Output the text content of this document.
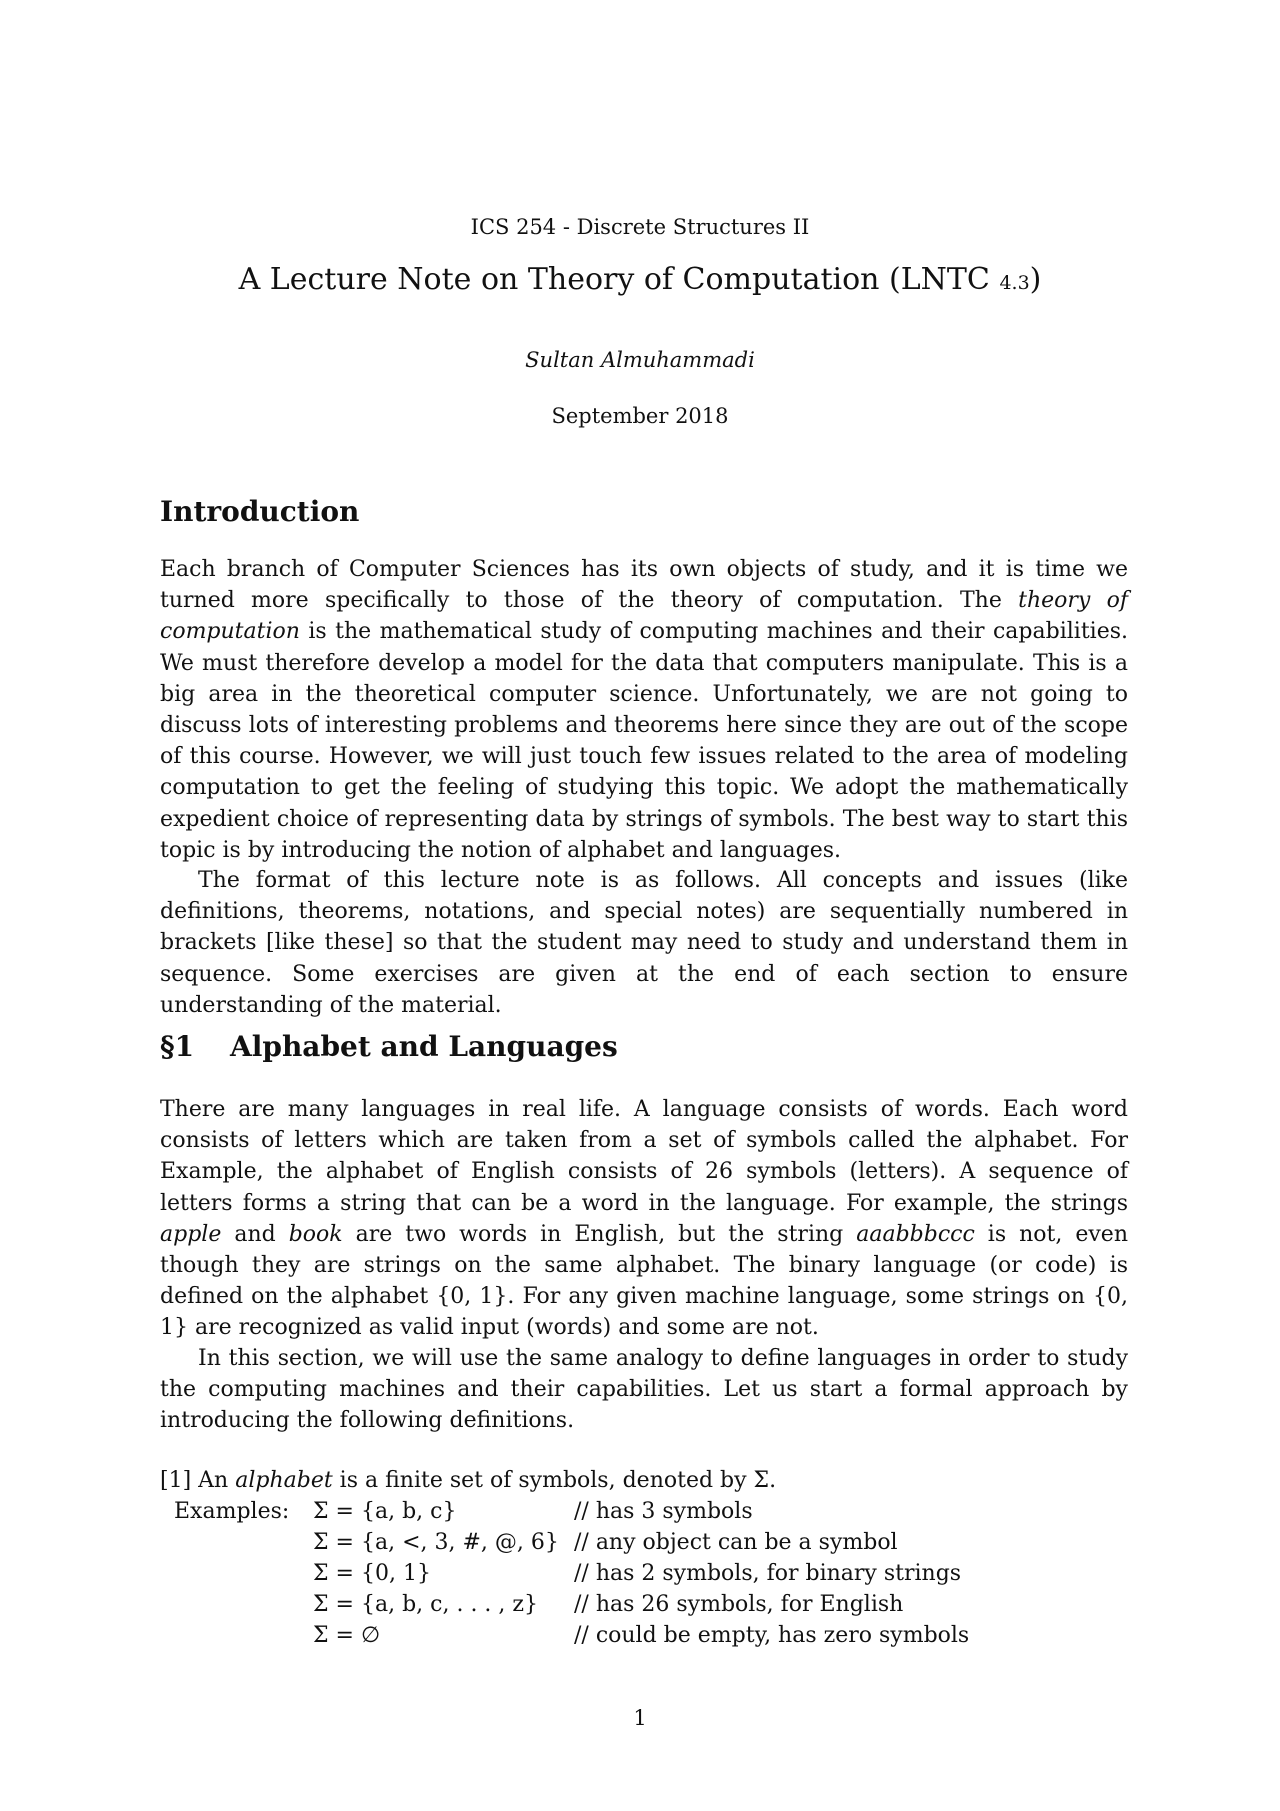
ICS 254 - Discrete Structures II
A Lecture Note on Theory of Computation (LNTC 4.3)
Sultan Almuhammadi
September 2018
Introduction

Each branch of Computer Sciences has its own objects of study, and it is time we turned more specifically to those of the theory of computation. The theory of computation is the mathematical study of computing machines and their capabilities. We must therefore develop a model for the data that computers manipulate. This is a big area in the theoretical computer science. Unfortunately, we are not going to discuss lots of interesting problems and theorems here since they are out of the scope of this course. However, we will just touch few issues related to the area of modeling computation to get the feeling of studying this topic. We adopt the mathematically expedient choice of representing data by strings of symbols. The best way to start this topic is by introducing the notion of alphabet and languages.

The format of this lecture note is as follows. All concepts and issues (like definitions, theorems, notations, and special notes) are sequentially numbered in brackets [like these] so that the student may need to study and understand them in sequence. Some exercises are given at the end of each section to ensure understanding of the material.

§1 Alphabet and Languages

There are many languages in real life. A language consists of words. Each word consists of letters which are taken from a set of symbols called the alphabet. For Example, the alphabet of English consists of 26 symbols (letters). A sequence of letters forms a string that can be a word in the language. For example, the strings apple and book are two words in English, but the string aaabbbccc is not, even though they are strings on the same alphabet. The binary language (or code) is defined on the alphabet {0, 1}. For any given machine language, some strings on {0, 1} are recognized as valid input (words) and some are not.

In this section, we will use the same analogy to define languages in order to study the computing machines and their capabilities. Let us start a formal approach by introducing the following definitions.

[1] An alphabet is a finite set of symbols, denoted by Σ.

Examples: Σ = {a, b, c}	// has 3 symbols
Σ = {a, <, 3, #, @, 6} // any object can be a symbol
Σ = {0, 1}	// has 2 symbols, for binary strings
Σ = {a, b, c, . . . , z} // has 26 symbols, for English
Σ = ∅	// could be empty, has zero symbols
1
